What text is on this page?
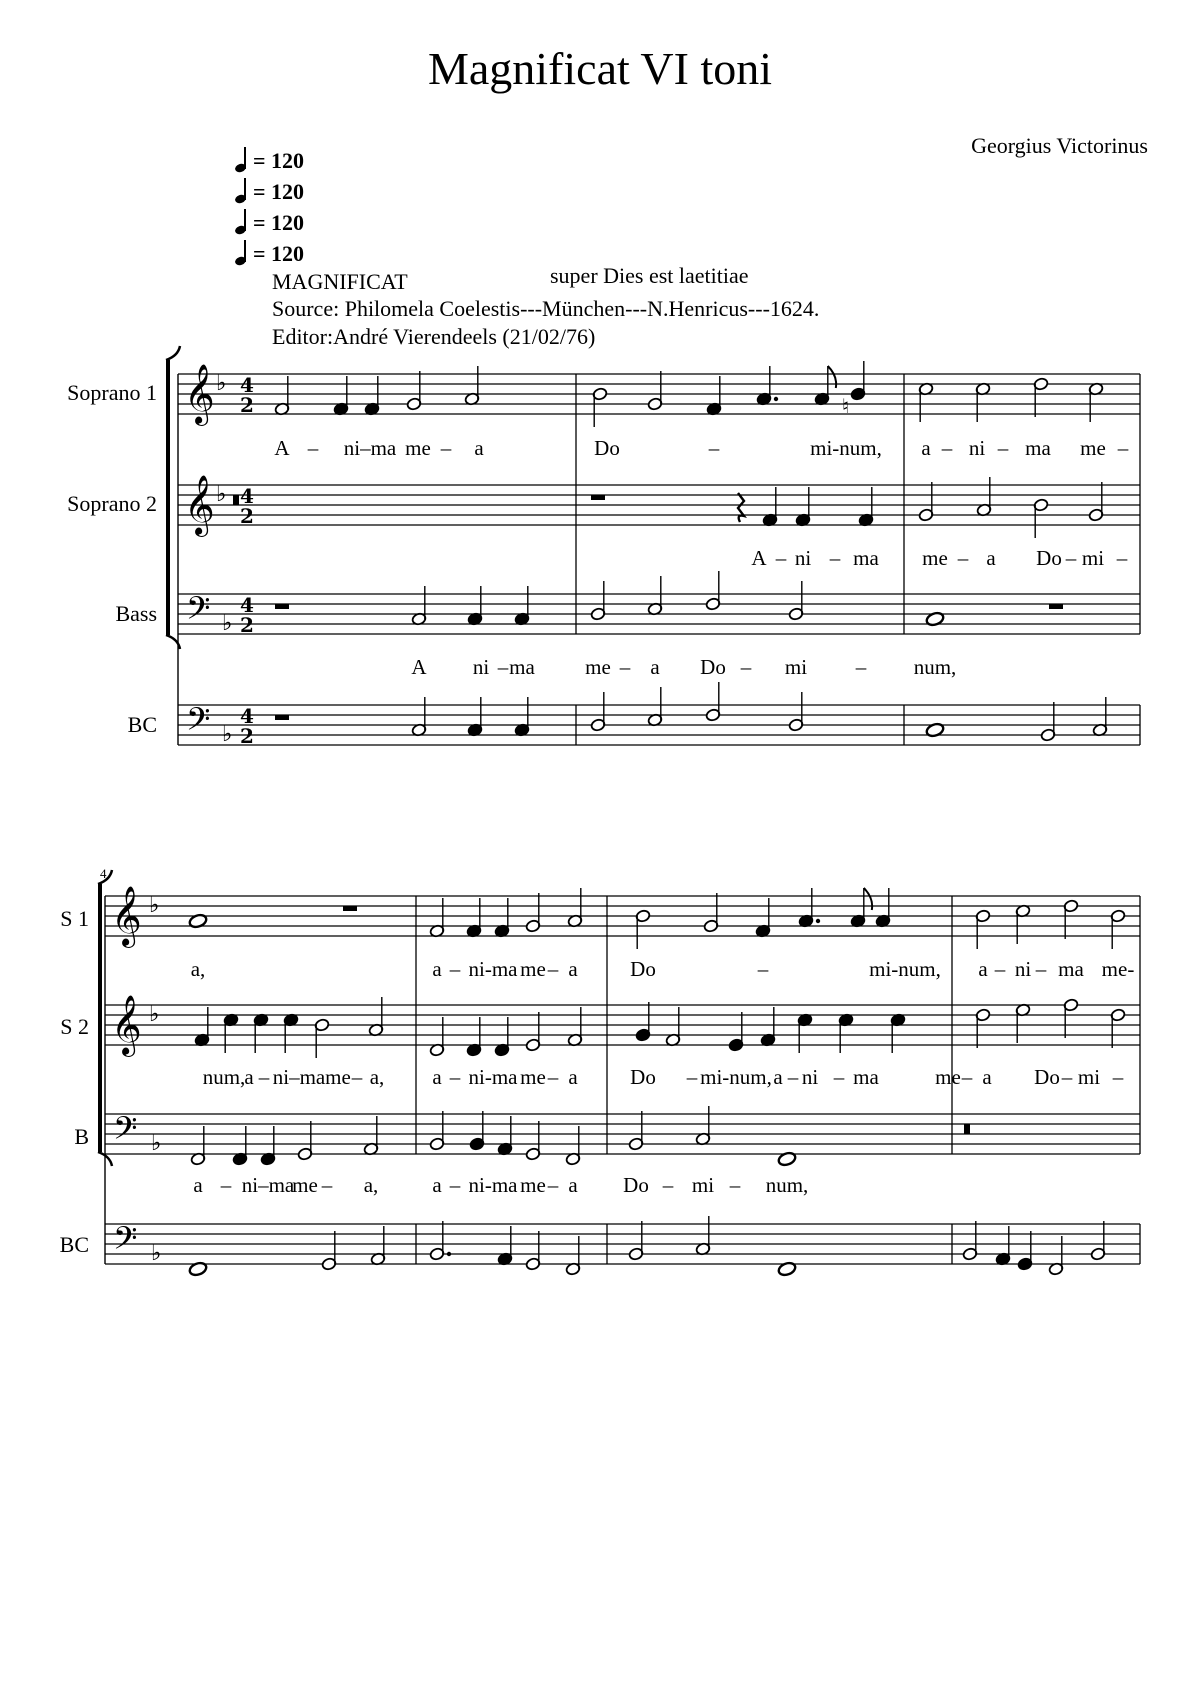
Magnificat VI toni
Georgius Victorinus
= 120
= 120
= 120
= 120
MAGNIFICAT	super Dies est laetitiae
Source: Philomela Coelestis---München---N.Henricus---1624.
Editor:André Vierendeels (21/02/76)
Soprano 1
Soprano 2
Bass
BC
S 1
S 2
B
BC
4
A – ni–ma me – a	Do	–	mi-num, a – ni – ma me –
A – ni – ma me – a Do – mi –
A ni – ma me – a Do – mi – num,
a,	a – ni-ma me – a	Do	–	mi-num, a – ni – ma me-
num, a – ni–ma me – a, a – ni-ma me – a	Do – mi-num, a – ni – ma	me – a Do – mi –
a – ni–ma
me – a,	a – ni-ma me – a Do – mi – num,
𝄞 ♭ 4
2
𝄞 ♭ 4
2
𝄢 ♭
4
2
𝄢 ♭
4
2
♮
𝄞 ♭
𝄞 ♭
𝄢 ♭
𝄢 ♭
